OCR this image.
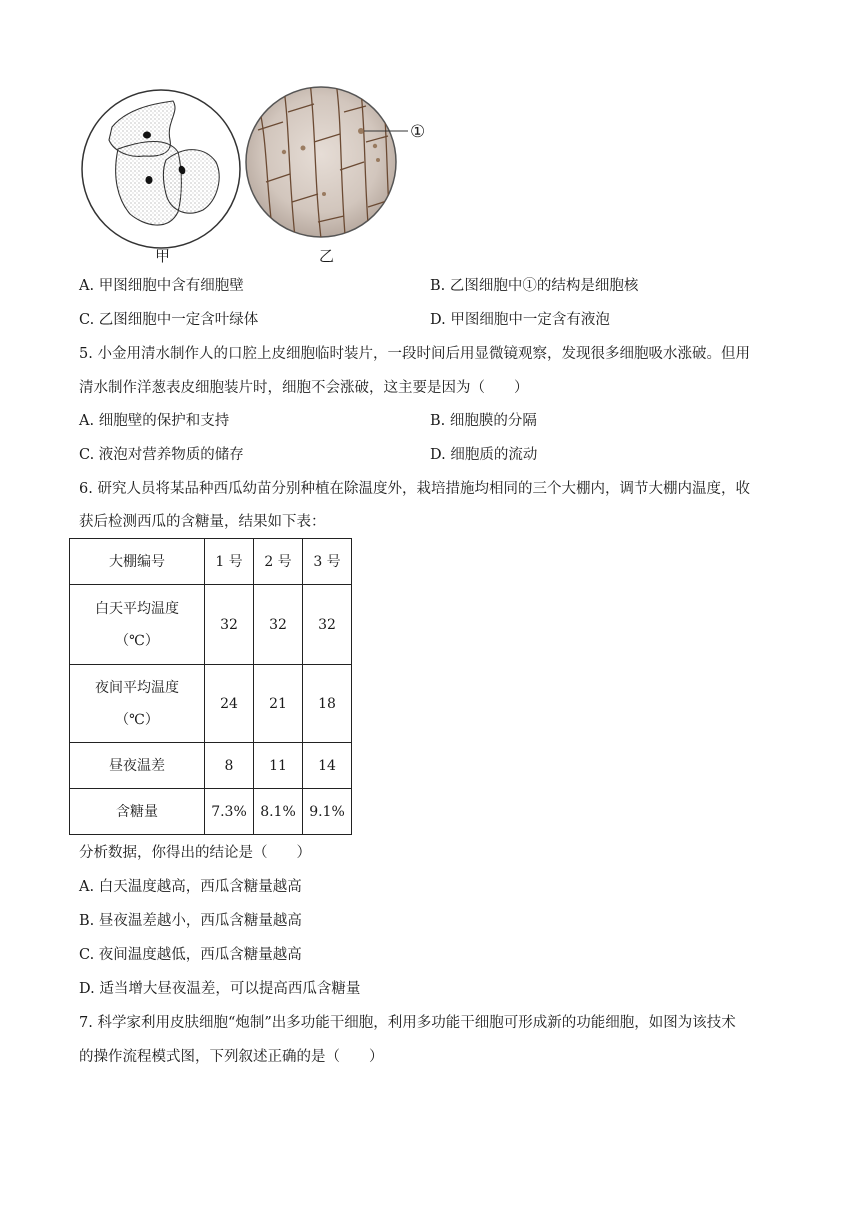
①
甲	乙
A. 甲图细胞中含有细胞壁	B. 乙图细胞中①的结构是细胞核
C. 乙图细胞中一定含叶绿体	D. 甲图细胞中一定含有液泡
5. 小金用清水制作人的口腔上皮细胞临时装片，一段时间后用显微镜观察，发现很多细胞吸水涨破。但用
清水制作洋葱表皮细胞装片时，细胞不会涨破，这主要是因为（　　）
A. 细胞壁的保护和支持	B. 细胞膜的分隔
C. 液泡对营养物质的储存	D. 细胞质的流动
6. 研究人员将某品种西瓜幼苗分别种植在除温度外，栽培措施均相同的三个大棚内，调节大棚内温度，收
获后检测西瓜的含糖量，结果如下表：
大棚编号	1 号	2 号	3 号

白天平均温度
（℃）	32	32	32

夜间平均温度
（℃）	24	21	18
昼夜温差	8	11	14
含糖量	7.3%	8.1%	9.1%
分析数据，你得出的结论是（　　）
A. 白天温度越高，西瓜含糖量越高
B. 昼夜温差越小，西瓜含糖量越高
C. 夜间温度越低，西瓜含糖量越高
D. 适当增大昼夜温差，可以提高西瓜含糖量
7. 科学家利用皮肤细胞“炮制”出多功能干细胞，利用多功能干细胞可形成新的功能细胞，如图为该技术
的操作流程模式图，下列叙述正确的是（　　）
